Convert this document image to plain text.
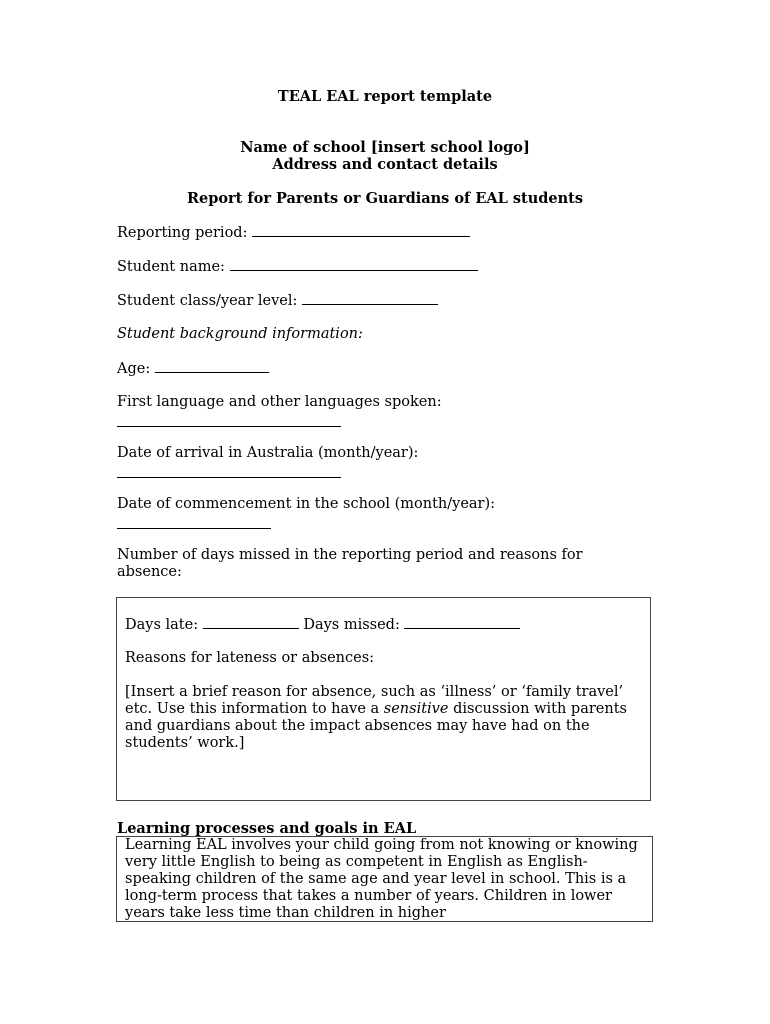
TEAL EAL report template
Name of school [insert school logo]
Address and contact details
Report for Parents or Guardians of EAL students
Reporting period:
Student name:
Student class/year level:
Student background information:
Age:
First language and other languages spoken:
Date of arrival in Australia (month/year):
Date of commencement in the school (month/year):
Number of days missed in the reporting period and reasons for
absence:
Days late:	Days missed:
Reasons for lateness or absences:
[Insert a brief reason for absence, such as ‘illness’ or ‘family travel’ etc. Use this information to have a sensitive discussion with parents and guardians about the impact absences may have had on the students’ work.]
Learning processes and goals in EAL
Learning EAL involves your child going from not knowing or knowing very little English to being as competent in English as English-speaking children of the same age and year level in school. This is a long-term process that takes a number of years. Children in lower years take less time than children in higher
